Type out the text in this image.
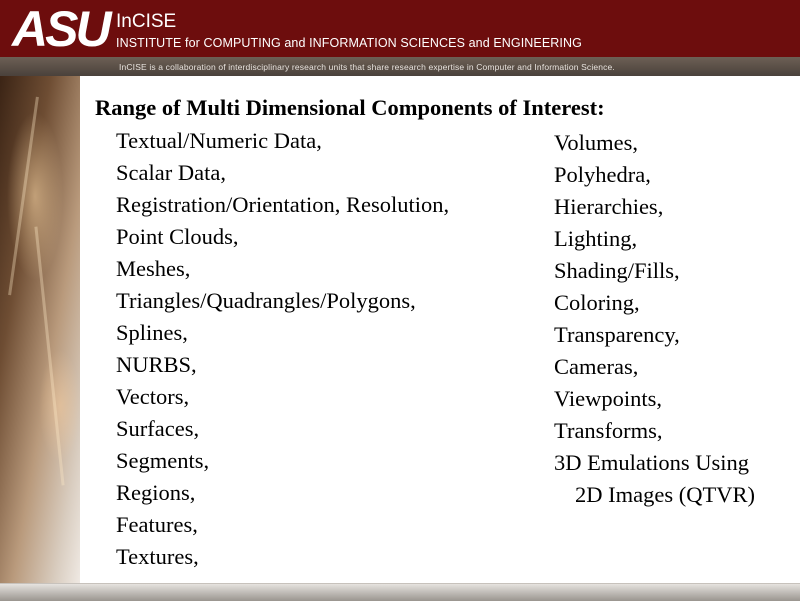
ASU InCISE
INSTITUTE for COMPUTING and INFORMATION SCIENCES and ENGINEERING
InCISE is a collaboration of interdisciplinary research units that share research expertise in Computer and Information Science.
Range of Multi Dimensional Components of Interest:
Textual/Numeric Data,
Scalar Data,
Registration/Orientation, Resolution,
Point Clouds,
Meshes,
Triangles/Quadrangles/Polygons,
Splines,
NURBS,
Vectors,
Surfaces,
Segments,
Regions,
Features,
Textures,
Volumes,
Polyhedra,
Hierarchies,
Lighting,
Shading/Fills,
Coloring,
Transparency,
Cameras,
Viewpoints,
Transforms,
3D Emulations Using
2D Images (QTVR)
